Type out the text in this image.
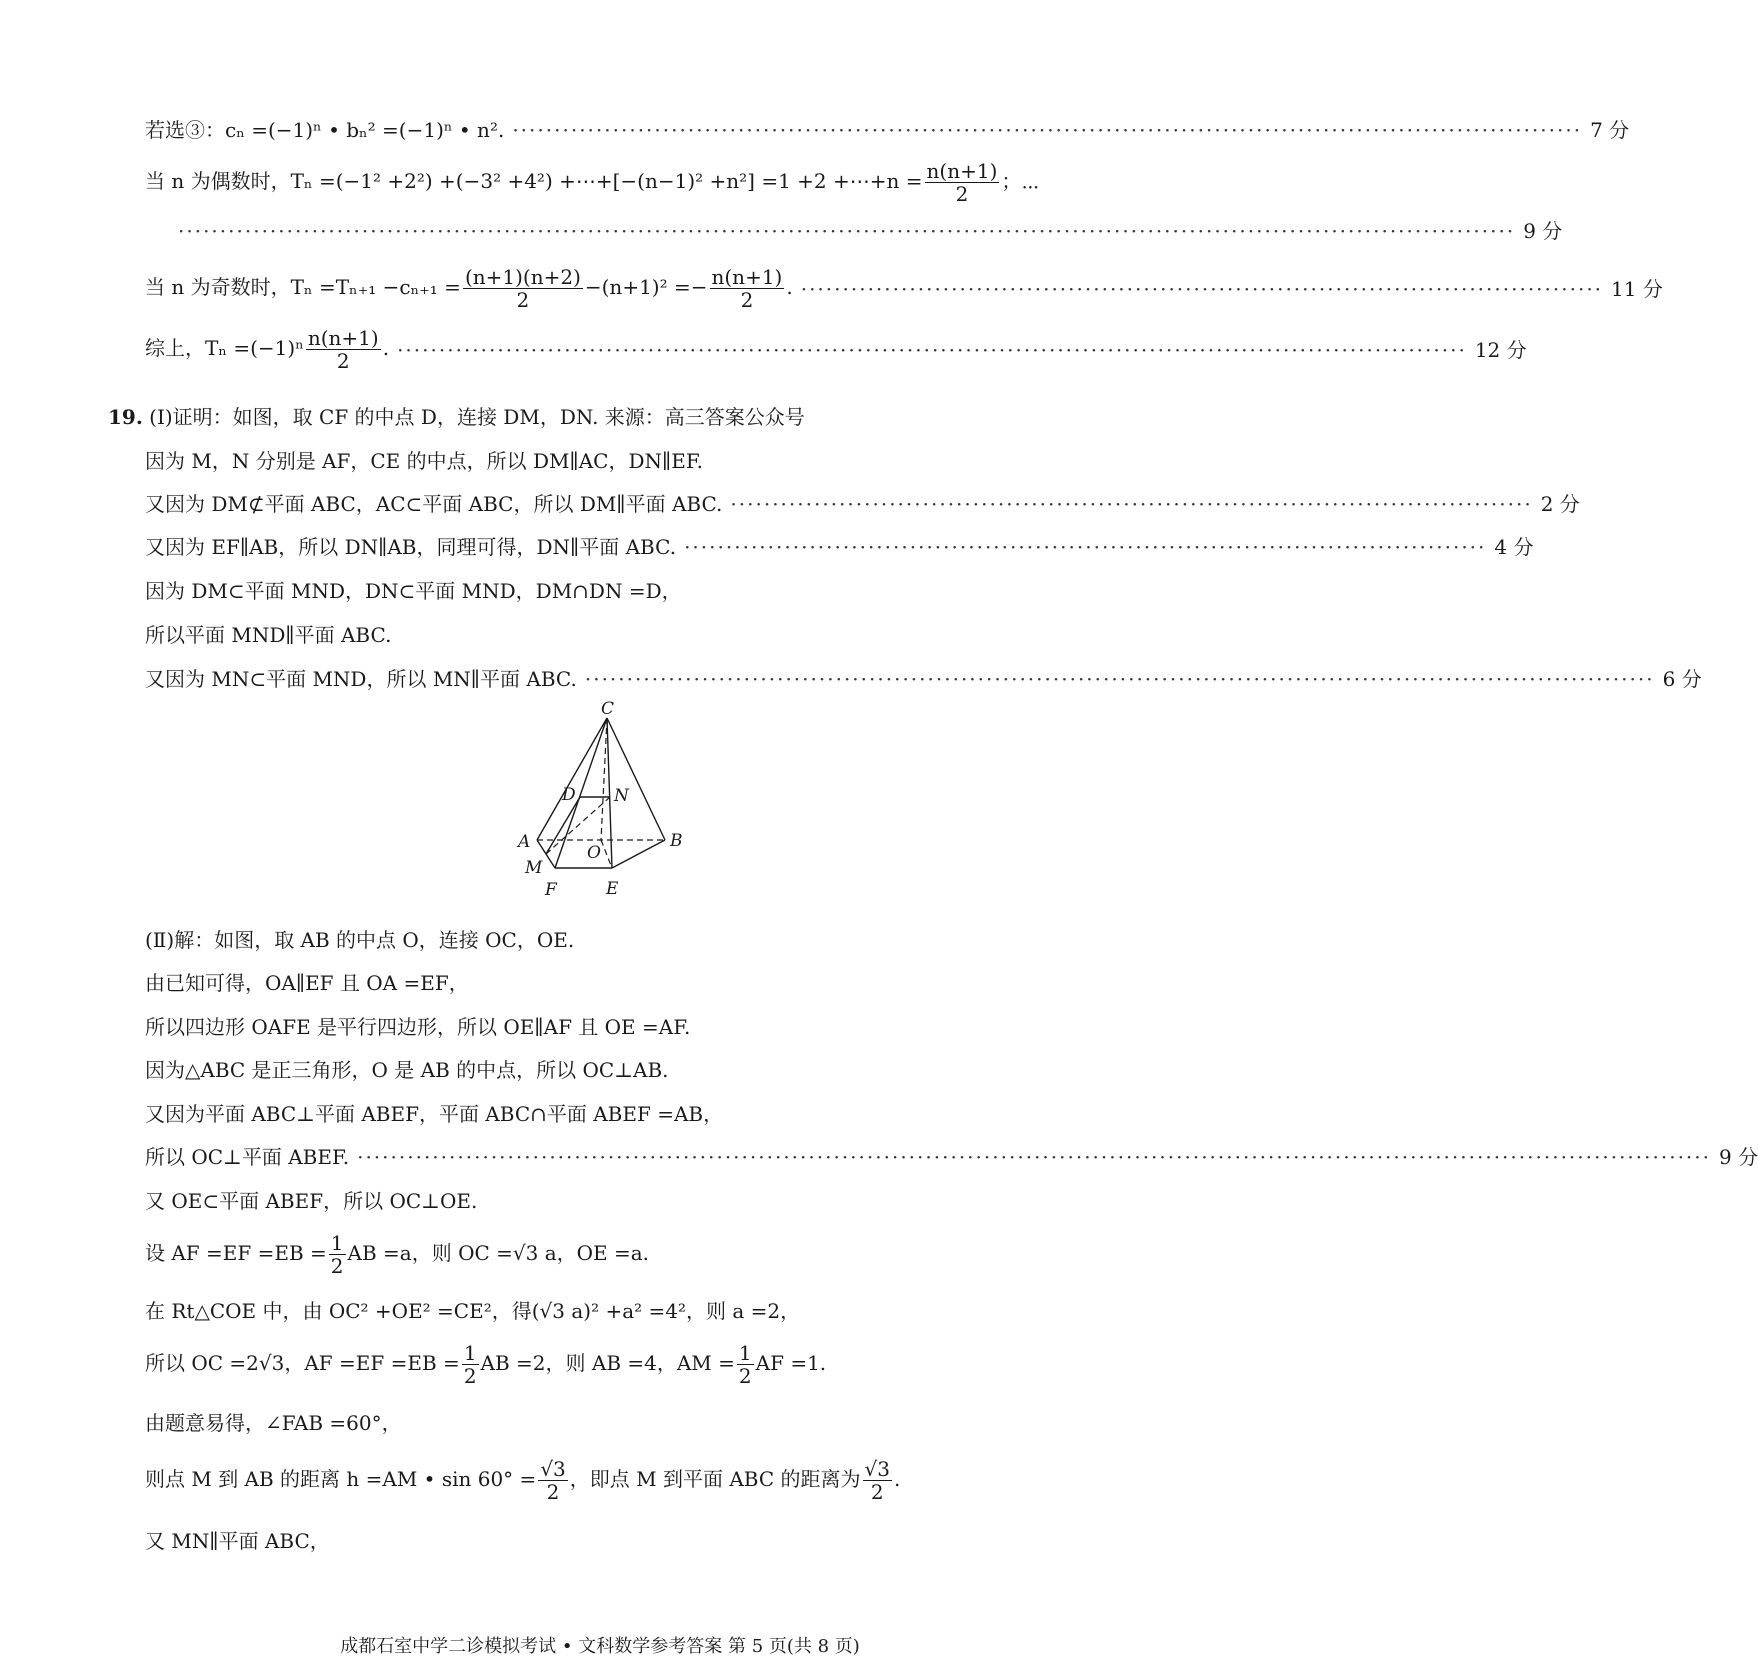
若选③：cₙ =(−1)ⁿ • bₙ² =(−1)ⁿ • n². ································································································································ 7 分
当 n 为偶数时，Tₙ =(−1² +2²) +(−3² +4²) +⋯+[−(n−1)² +n²] =1 +2 +⋯+n = $\frac{n(n+1)}{2}$ ；⋯
································································································································································ 9 分
当 n 为奇数时，$T_n =T_{n+1} -c_{n+1} = \frac{(n+1)(n+2)}{2} -(n+1)^2 =- \frac{n(n+1)}{2}$ . ································································································ 11 分
综上，$T_n =(-1)^n \frac{n(n+1)}{2}$ . ································································································································ 12 分
19. (Ⅰ)证明：如图，取 CF 的中点 D，连接 DM，DN. 来源：高三答案公众号
因为 M，N 分别是 AF，CE 的中点，所以 DM∥AC，DN∥EF.
又因为 DM⊄平面 ABC，AC⊂平面 ABC，所以 DM∥平面 ABC. ································································································ 2 分
又因为 EF∥AB，所以 DN∥AB，同理可得，DN∥平面 ABC. ································································································ 4 分
因为 DM⊂平面 MND，DN⊂平面 MND，DM∩DN =D，
所以平面 MND∥平面 ABC.
又因为 MN⊂平面 MND，所以 MN∥平面 ABC. ································································································································ 6 分
C
D N
A
O
B
M
F	E
(Ⅱ)解：如图，取 AB 的中点 O，连接 OC，OE.
由已知可得，OA∥EF 且 OA =EF，
所以四边形 OAFE 是平行四边形，所以 OE∥AF 且 OE =AF.
因为△ABC 是正三角形，O 是 AB 的中点，所以 OC⊥AB.
又因为平面 ABC⊥平面 ABEF，平面 ABC∩平面 ABEF =AB，
所以 OC⊥平面 ABEF. ·································································································································································· 9 分
又 OE⊂平面 ABEF，所以 OC⊥OE.
设 AF $=EF =EB = \frac{1}{2}$ AB =a，则 OC =√3 a，OE =a.
在 Rt△COE 中，由 OC² +OE² =CE²，得(√3 a)² +a² =4²，则 a =2，
所以 OC =2√3，AF $=EF =EB = \frac{1}{2}$ AB =2，则 AB =4，AM = $\frac{1}{2}$ AF =1.
由题意易得，∠FAB =60°，
则点 M 到 AB 的距离 h =AM • $\sin 60^\circ = \frac{√3}{2}$ ，即点 M 到平面 ABC 的距离为 $\frac{√3}{2}$ .
又 MN∥平面 ABC，
成都石室中学二诊模拟考试 • 文科数学参考答案 第 5 页(共 8 页)
